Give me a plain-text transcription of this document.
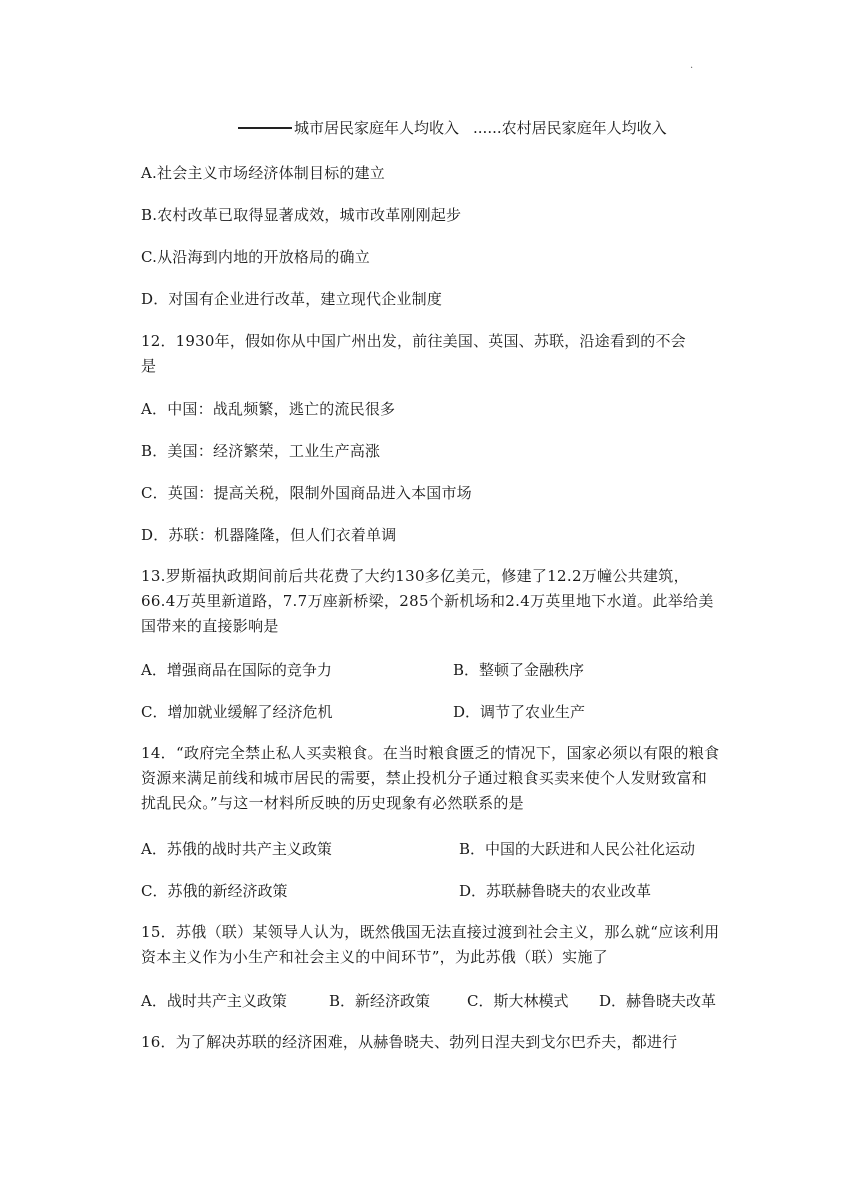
.
城市居民家庭年人均收入 ......农村居民家庭年人均收入
A.社会主义市场经济体制目标的建立
B.农村改革已取得显著成效，城市改革刚刚起步
C.从沿海到内地的开放格局的确立
D．对国有企业进行改革，建立现代企业制度
12．1930年，假如你从中国广州出发，前往美国、英国、苏联，沿途看到的不会
是
A．中国：战乱频繁，逃亡的流民很多
B．美国：经济繁荣，工业生产高涨
C．英国：提高关税，限制外国商品进入本国市场
D．苏联：机器隆隆，但人们衣着单调
13.罗斯福执政期间前后共花费了大约130多亿美元，修建了12.2万幢公共建筑，66.4万英里新道路，7.7万座新桥梁，285个新机场和2.4万英里地下水道。此举给美国带来的直接影响是
A．增强商品在国际的竞争力	B．整顿了金融秩序
C．增加就业缓解了经济危机	D．调节了农业生产
14．“政府完全禁止私人买卖粮食。在当时粮食匮乏的情况下，国家必须以有限的粮食资源来满足前线和城市居民的需要，禁止投机分子通过粮食买卖来使个人发财致富和扰乱民众。”与这一材料所反映的历史现象有必然联系的是
A．苏俄的战时共产主义政策	B．中国的大跃进和人民公社化运动
C．苏俄的新经济政策	D．苏联赫鲁晓夫的农业改革
15．苏俄（联）某领导人认为，既然俄国无法直接过渡到社会主义，那么就“应该利用资本主义作为小生产和社会主义的中间环节”，为此苏俄（联）实施了
A．战时共产主义政策	B．新经济政策 C．斯大林模式 D．赫鲁晓夫改革
16．为了解决苏联的经济困难，从赫鲁晓夫、勃列日涅夫到戈尔巴乔夫，都进行
